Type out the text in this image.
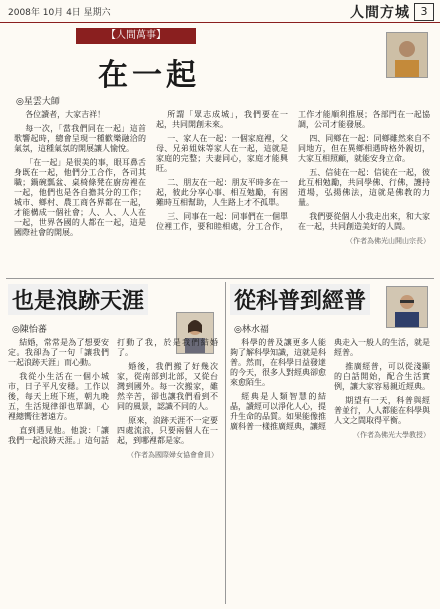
2008年 10月 4日 星期六	人間方城 3
【人間萬事】
在一起
◎星雲大師

各位讀者，大家吉祥！

每一次，「當我們同在一起」這首歌響起時，總會呈現一種歡樂融洽的氣氛，這種氣氛的開展讓人愉悅。

「在一起」是很美的事，眼耳鼻舌身既在一起，他們分工合作，各司其職；鍋碗瓢盆、桌椅條凳在廚房裡在一起，他們也是各自擔其分的工作；城市、鄉村、農工商各界都在一起，才能構成一個社會；人、人、人人在一起，世界各國的人都在一起，這是國際社會的開展。

所謂「眾志成城」，我們要在一起，共同開創未來。

一、家人在一起：一個家庭裡，父母、兄弟姐妹等家人在一起，這就是家庭的完整；夫妻同心，家庭才能興旺。

二、朋友在一起：朋友平時多在一起，彼此分享心事、相互勉勵，有困難時互相幫助，人生路上才不孤單。

三、同事在一起：同事們在一個單位裡工作，要和睦相處，分工合作，工作才能順利推展；各部門在一起協調，公司才能發展。

四、同鄉在一起：同鄉雖然來自不同地方，但在異鄉相遇時格外親切，大家互相照顧，就能安身立命。

五、信徒在一起：信徒在一起，彼此互相勉勵，共同學佛、行佛，護持道場，弘揚佛法，這就是佛教的力量。

我們要從個人小我走出來，和大家在一起，共同創造美好的人間。

（作者為佛光山開山宗長）
也是浪跡天涯
◎陳怡蕃

結婚，常常是為了想要安定。我卻為了一句「讓我們一起浪跡天涯」而心動。

我從小生活在一個小城市，日子平凡安穩。工作以後，每天上班下班，朝九晚五，生活規律卻也單調，心裡總嚮往著遠方。

直到遇見他。他說：「讓我們一起浪跡天涯。」這句話打動了我，於是我們結婚了。

婚後，我們搬了好幾次家，從南部到北部，又從台灣到國外。每一次搬家，雖然辛苦，卻也讓我們看到不同的風景，認識不同的人。

原來，浪跡天涯不一定要四處流浪，只要兩個人在一起，到哪裡都是家。

（作者為國際婦女協會會員）
從科普到經普
◎林水福

科學的普及讓更多人能夠了解科學知識，這就是科普。然而，在科學日益發達的今天，很多人對經典卻愈來愈陌生。

經典是人類智慧的結晶，讀經可以淨化人心，提升生命的品質。如果能像推廣科普一樣推廣經典，讓經典走入一般人的生活，就是經普。

推廣經普，可以從淺顯的白話開始，配合生活實例，讓大家容易親近經典。

期望有一天，科普與經普並行，人人都能在科學與人文之間取得平衡。

（作者為佛光大學教授）
